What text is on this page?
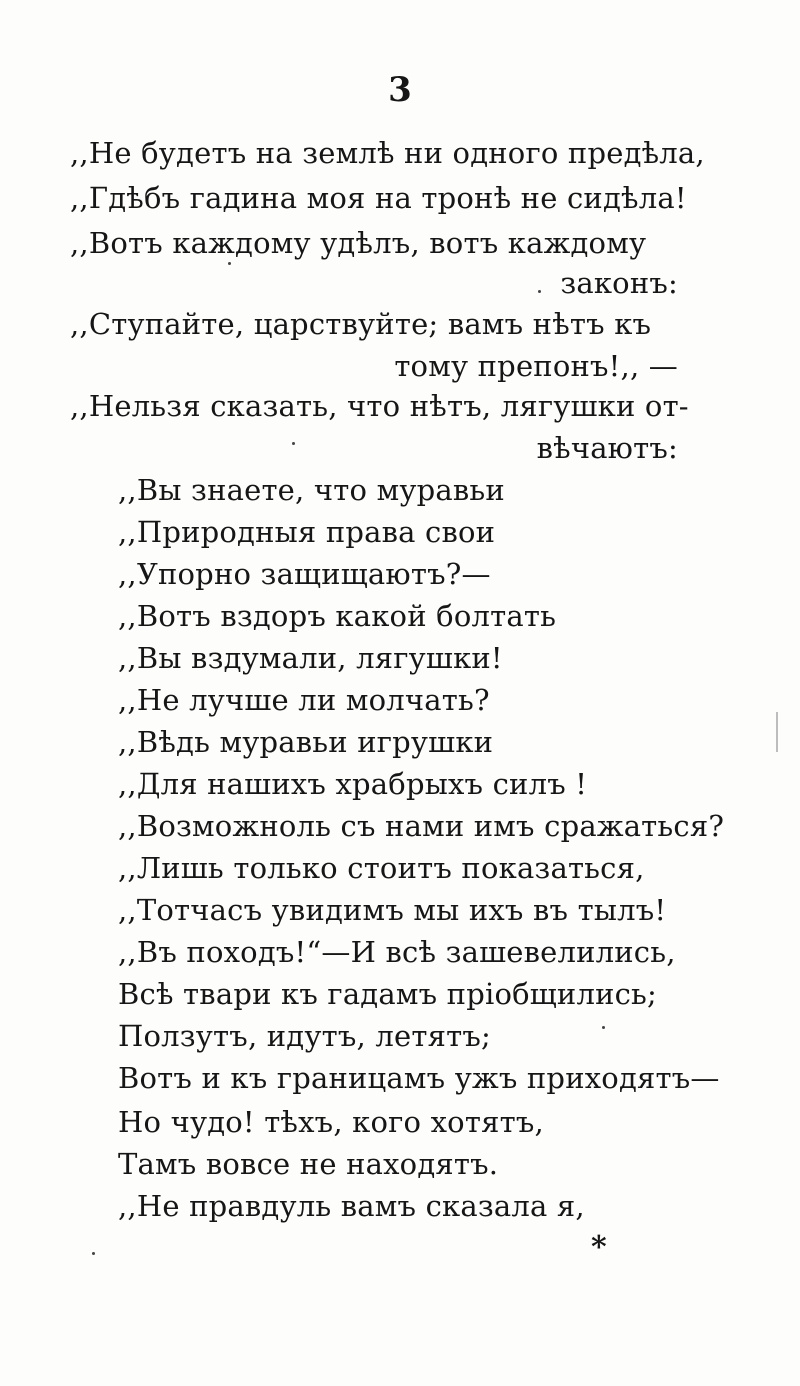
3
,,Не будетъ на землѣ ни одного предѣла,
,,Гдѣбъ гадина моя на тронѣ не сидѣла!
,,Вотъ каждому удѣлъ, вотъ каждому
законъ:
,,Ступайте, царствуйте; вамъ нѣтъ къ
тому препонъ!,, —
,,Нельзя сказать, что нѣтъ, лягушки от-
вѣчаютъ:
,,Вы знаете, что муравьи
,,Природныя права свои
,,Упорно защищаютъ?—
,,Вотъ вздоръ какой болтать
,,Вы вздумали, лягушки!
,,Не лучше ли молчать?
,,Вѣдь муравьи игрушки
,,Для нашихъ храбрыхъ силъ !
,,Возможноль съ нами имъ сражаться?
,,Лишь только стоитъ показаться,
,,Тотчасъ увидимъ мы ихъ въ тылъ!
,,Въ походъ!“—И всѣ зашевелились,
Всѣ твари къ гадамъ пріобщились;
Ползутъ, идутъ, летятъ;
Вотъ и къ границамъ ужъ приходятъ—
Но чудо! тѣхъ, кого хотятъ,
Тамъ вовсе не находятъ.
,,Не правдуль вамъ сказала я,
*
